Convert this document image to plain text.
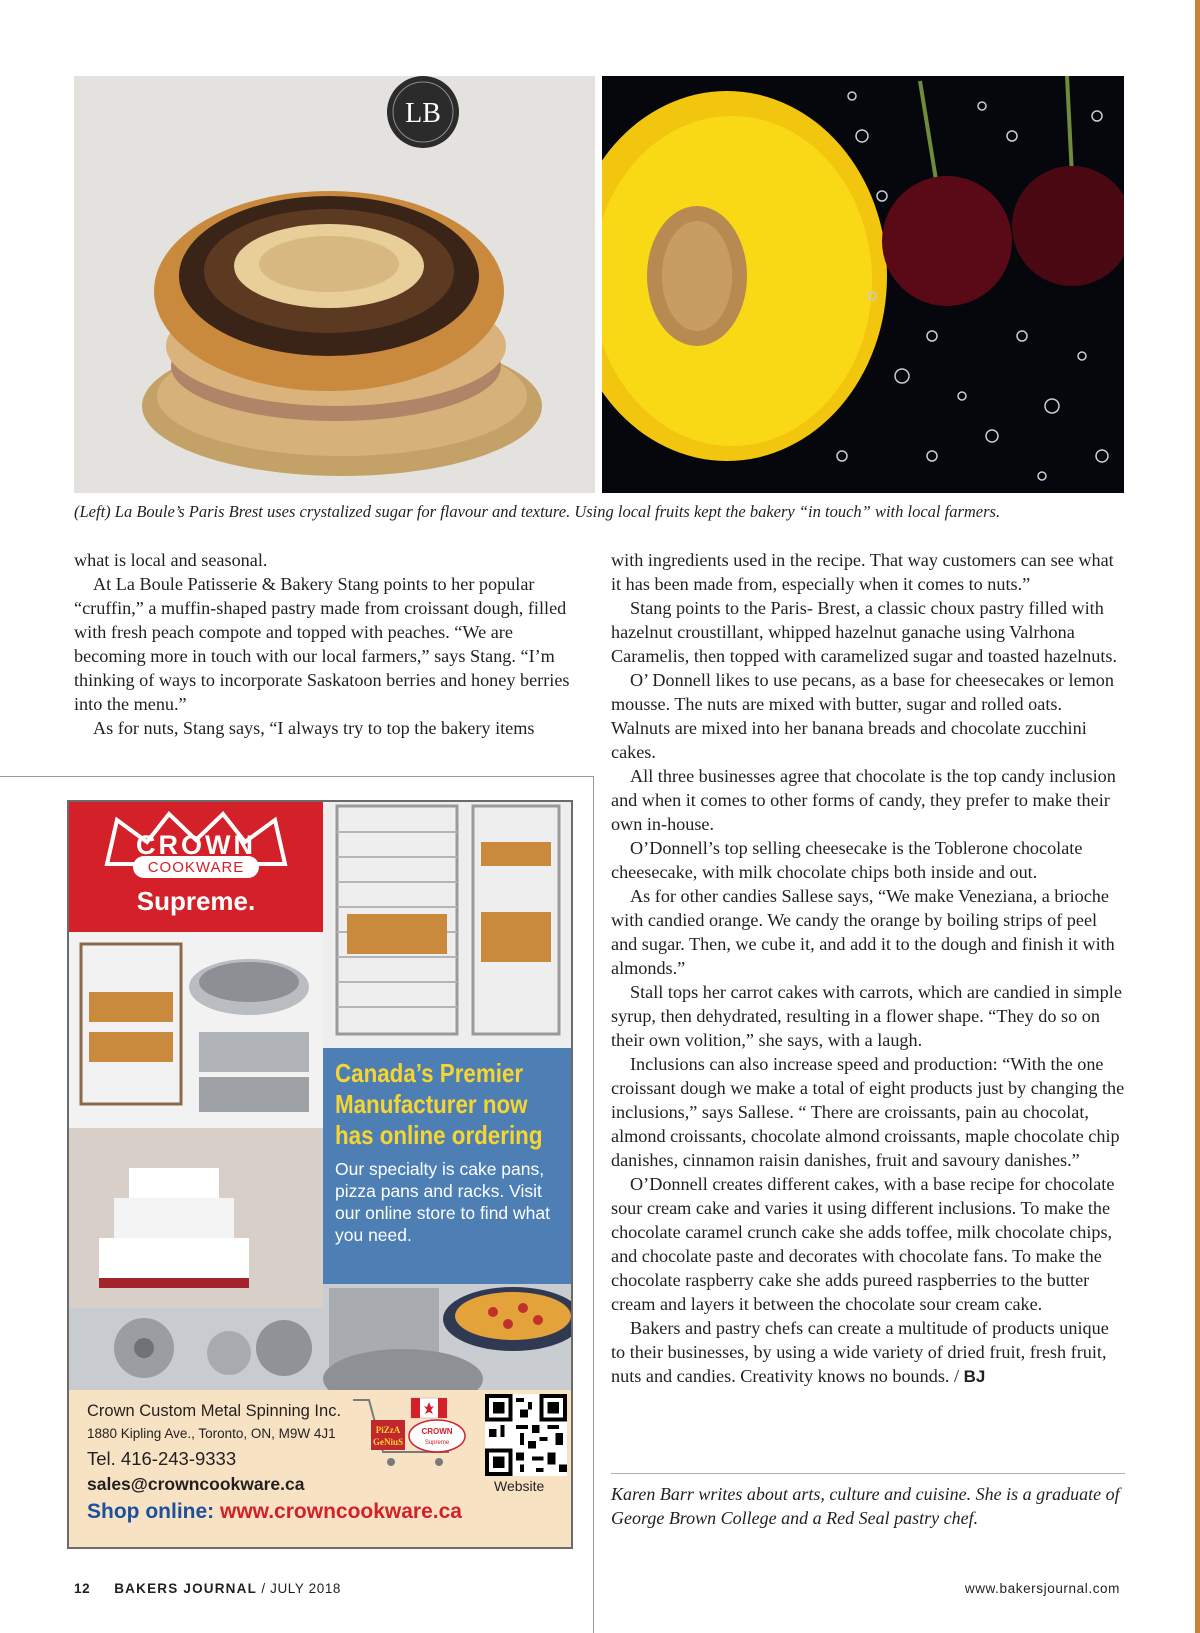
LB
(Left) La Boule’s Paris Brest uses crystalized sugar for flavour and texture. Using local fruits kept the bakery “in touch” with local farmers.

what is local and seasonal.

At La Boule Patisserie & Bakery Stang points to her popular “cruffin,” a muffin-shaped pastry made from croissant dough, filled with fresh peach compote and topped with peaches. “We are becoming more in touch with our local farmers,” says Stang. “I’m thinking of ways to incorporate Saskatoon berries and honey berries into the menu.”

As for nuts, Stang says, “I always try to top the bakery items

with ingredients used in the recipe. That way customers can see what it has been made from, especially when it comes to nuts.”

Stang points to the Paris- Brest, a classic choux pastry filled with hazelnut croustillant, whipped hazelnut ganache using Valrhona Caramelis, then topped with caramelized sugar and toasted hazelnuts.

O’ Donnell likes to use pecans, as a base for cheesecakes or lemon mousse. The nuts are mixed with butter, sugar and rolled oats. Walnuts are mixed into her banana breads and chocolate zucchini cakes.

All three businesses agree that chocolate is the top candy inclusion and when it comes to other forms of candy, they prefer to make their own in-house.

O’Donnell’s top selling cheesecake is the Toblerone chocolate cheesecake, with milk chocolate chips both inside and out.

As for other candies Sallese says, “We make Veneziana, a brioche with candied orange. We candy the orange by boiling strips of peel and sugar. Then, we cube it, and add it to the dough and finish it with almonds.”

Stall tops her carrot cakes with carrots, which are candied in simple syrup, then dehydrated, resulting in a flower shape. “They do so on their own volition,” she says, with a laugh.

Inclusions can also increase speed and production: “With the one croissant dough we make a total of eight products just by changing the inclusions,” says Sallese. “ There are croissants, pain au chocolat, almond croissants, chocolate almond croissants, maple chocolate chip danishes, cinnamon raisin danishes, fruit and savoury danishes.”

O’Donnell creates different cakes, with a base recipe for chocolate sour cream cake and varies it using different inclusions. To make the chocolate caramel crunch cake she adds toffee, milk chocolate chips, and chocolate paste and decorates with chocolate fans. To make the chocolate raspberry cake she adds pureed raspberries to the butter cream and layers it between the chocolate sour cream cake.

Bakers and pastry chefs can create a multitude of products unique to their businesses, by using a wide variety of dried fruit, fresh fruit, nuts and candies. Creativity knows no bounds. / BJ

Karen Barr writes about arts, culture and cuisine. She is a graduate of George Brown College and a Red Seal pastry chef.
CROWN
COOKWARE
Supreme.
Canada’s Premier Manufacturer now has online ordering
Our specialty is cake pans, pizza pans and racks. Visit our online store to find what you need.
Crown Custom Metal Spinning Inc.
1880 Kipling Ave., Toronto, ON, M9W 4J1
Tel. 416-243-9333
sales@crowncookware.ca
Shop online: www.crowncookware.ca
Website
PiZzA
GeNiuS
CROWN
Supreme
12 BAKERS JOURNAL / JULY 2018	www.bakersjournal.com
